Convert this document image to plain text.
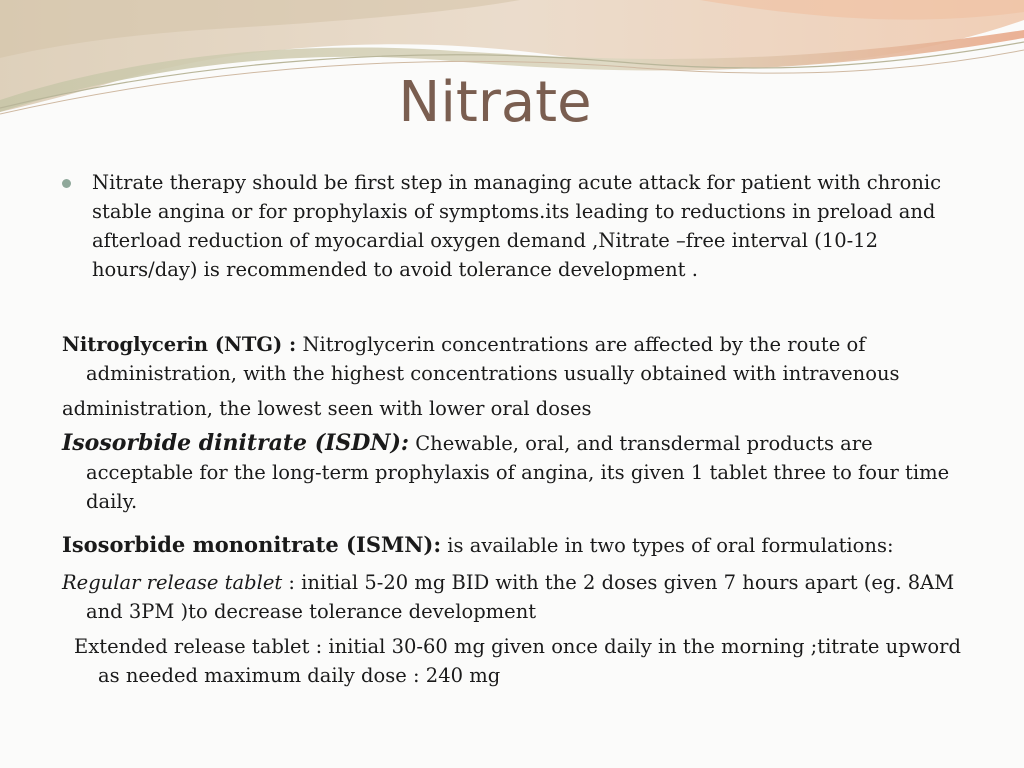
Nitrate
Nitrate therapy should be first step in managing acute attack for patient with chronic stable angina or for prophylaxis of symptoms.its leading to reductions in preload and afterload reduction of myocardial oxygen demand ,Nitrate –free interval (10-12 hours/day) is recommended to avoid tolerance development .

Nitroglycerin (NTG) : Nitroglycerin concentrations are affected by the route of administration, with the highest concentrations usually obtained with intravenous

administration, the lowest seen with lower oral doses

Isosorbide dinitrate (ISDN): Chewable, oral, and transdermal products are acceptable for the long-term prophylaxis of angina, its given 1 tablet three to four time daily.

Isosorbide mononitrate (ISMN): is available in two types of oral formulations:

Regular release tablet : initial 5-20 mg BID with the 2 doses given 7 hours apart (eg. 8AM and 3PM )to decrease tolerance development

Extended release tablet : initial 30-60 mg given once daily in the morning ;titrate upword as needed maximum daily dose : 240 mg
